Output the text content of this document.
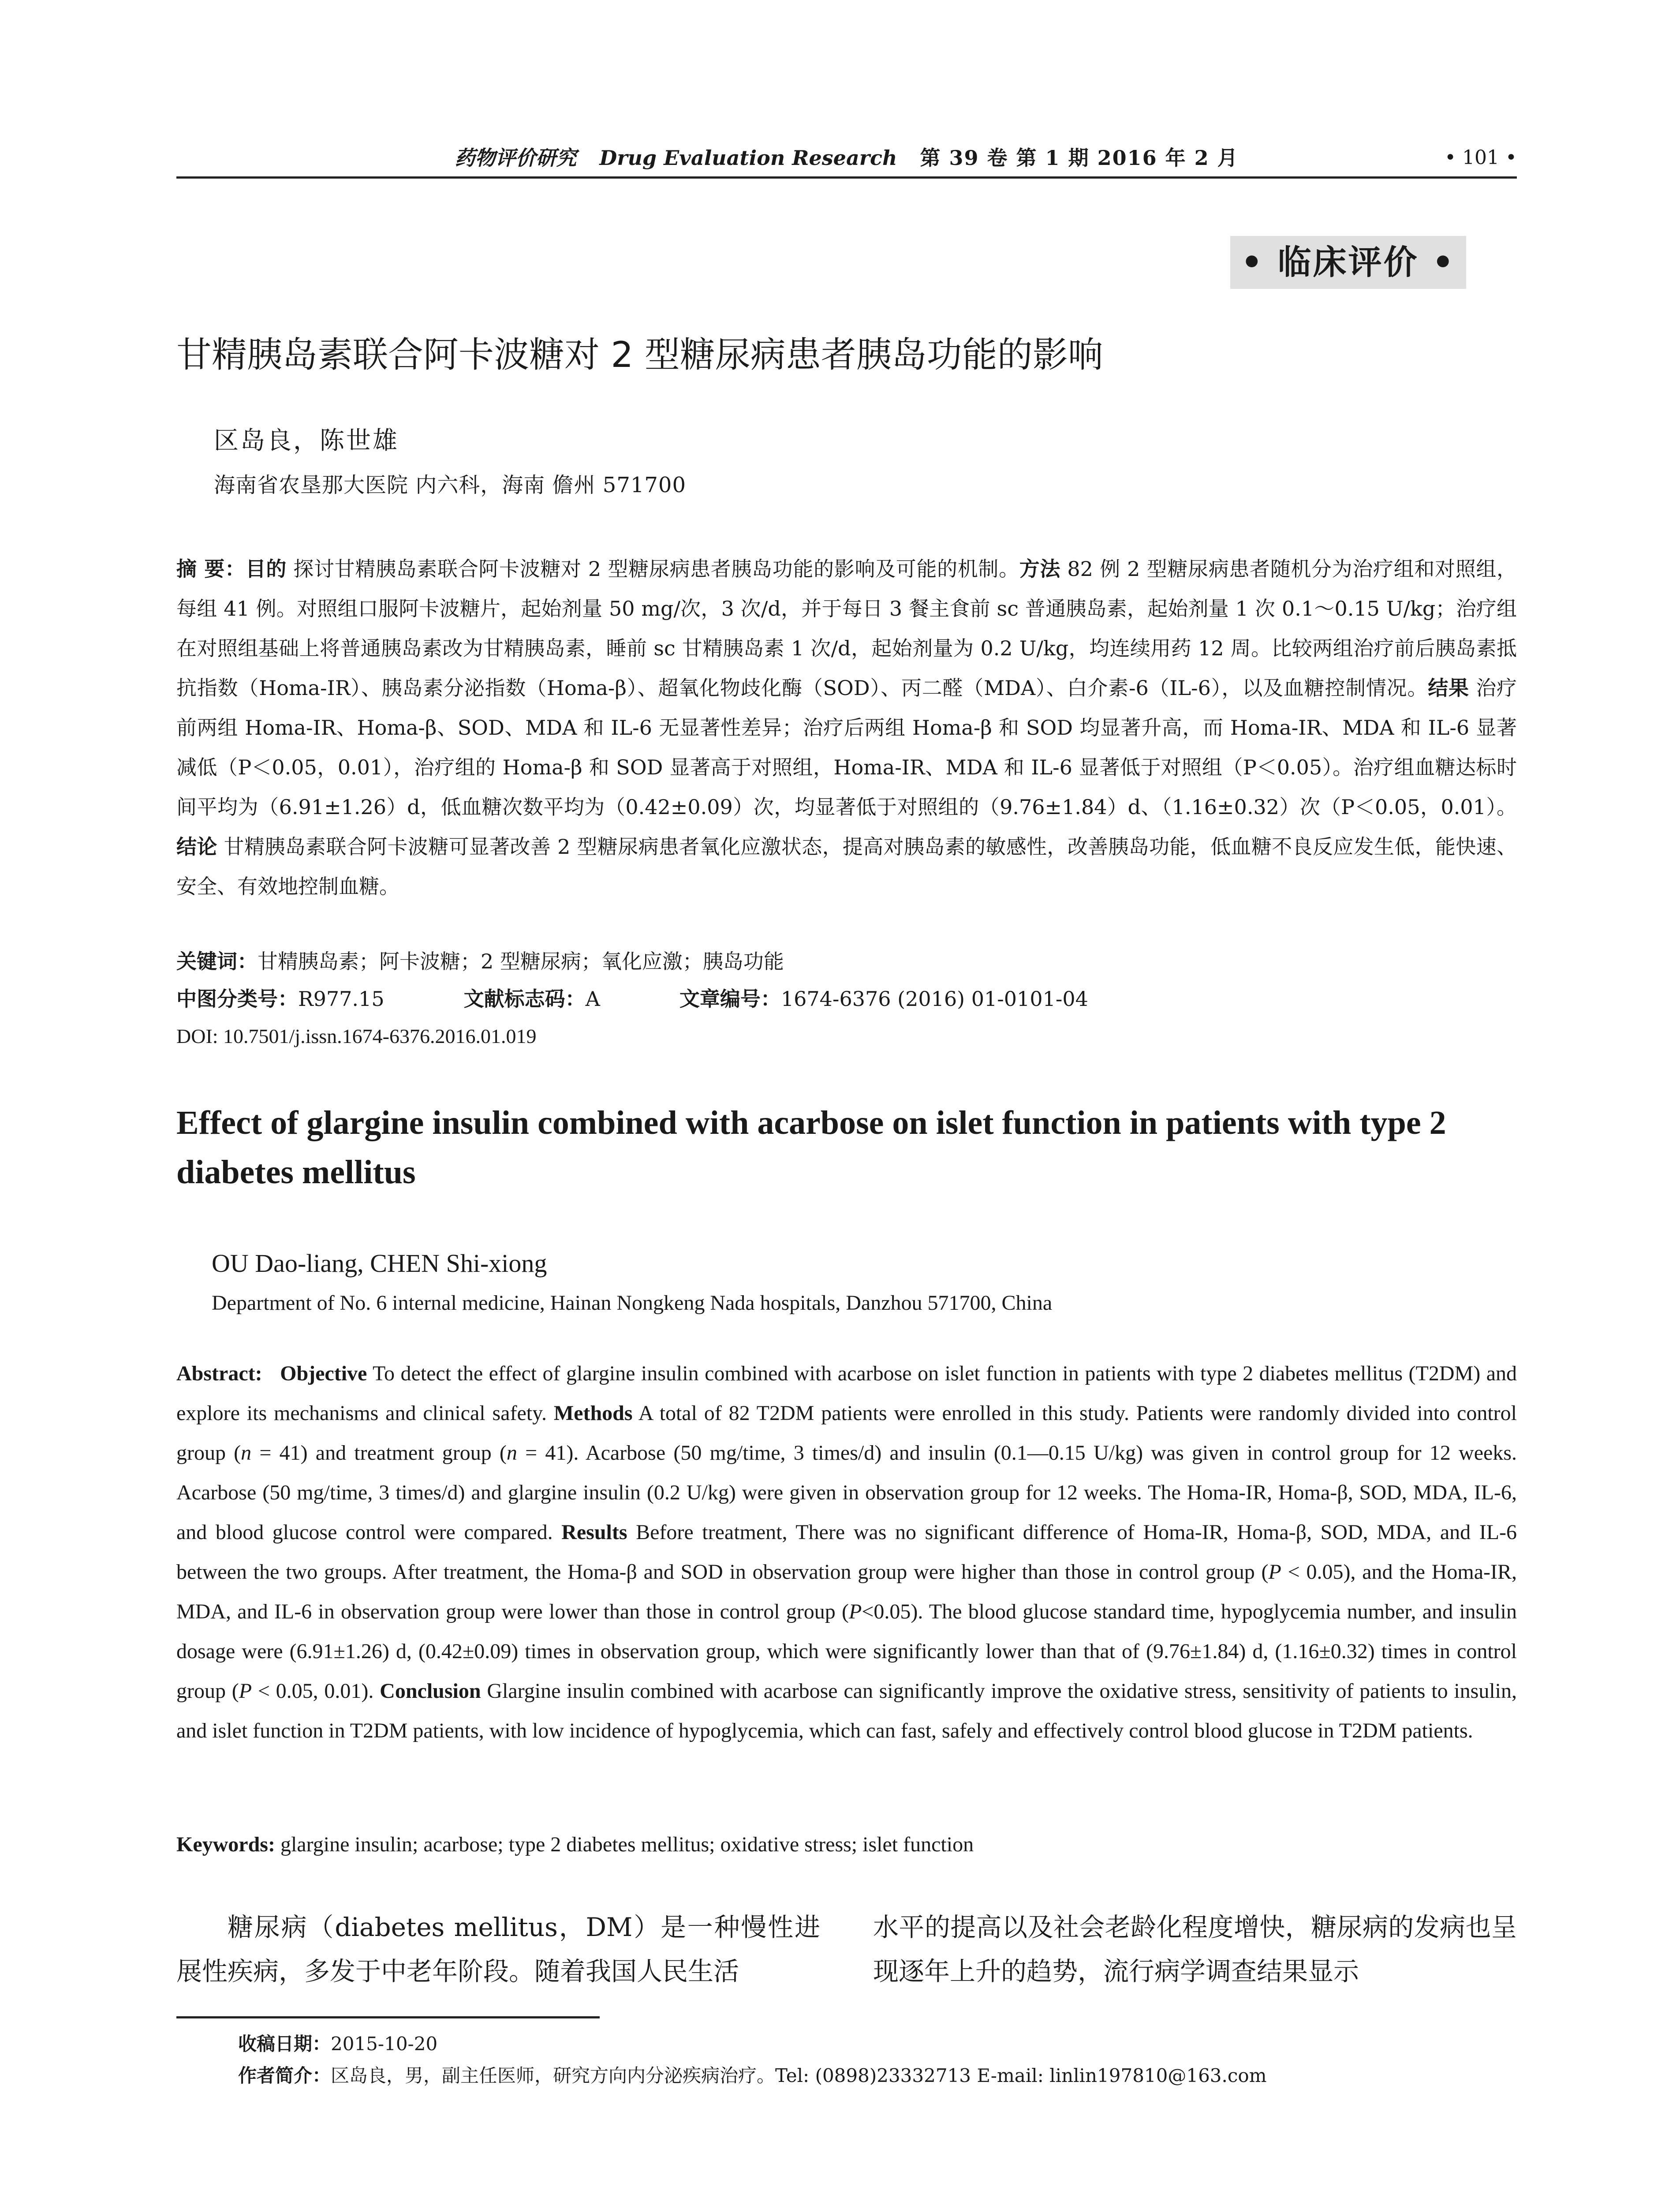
药物评价研究 Drug Evaluation Research 第 39 卷 第 1 期 2016 年 2 月	• 101 •
• 临床评价 •
甘精胰岛素联合阿卡波糖对 2 型糖尿病患者胰岛功能的影响
区岛良，陈世雄
海南省农垦那大医院 内六科，海南 儋州 571700
摘 要：目的 探讨甘精胰岛素联合阿卡波糖对 2 型糖尿病患者胰岛功能的影响及可能的机制。方法 82 例 2 型糖尿病患者随机分为治疗组和对照组，每组 41 例。对照组口服阿卡波糖片，起始剂量 50 mg/次，3 次/d，并于每日 3 餐主食前 sc 普通胰岛素，起始剂量 1 次 0.1～0.15 U/kg；治疗组在对照组基础上将普通胰岛素改为甘精胰岛素，睡前 sc 甘精胰岛素 1 次/d，起始剂量为 0.2 U/kg，均连续用药 12 周。比较两组治疗前后胰岛素抵抗指数（Homa-IR）、胰岛素分泌指数（Homa-β）、超氧化物歧化酶（SOD）、丙二醛（MDA）、白介素-6（IL-6），以及血糖控制情况。结果 治疗前两组 Homa-IR、Homa-β、SOD、MDA 和 IL-6 无显著性差异；治疗后两组 Homa-β 和 SOD 均显著升高，而 Homa-IR、MDA 和 IL-6 显著减低（P＜0.05，0.01），治疗组的 Homa-β 和 SOD 显著高于对照组，Homa-IR、MDA 和 IL-6 显著低于对照组（P＜0.05）。治疗组血糖达标时间平均为（6.91±1.26）d，低血糖次数平均为（0.42±0.09）次，均显著低于对照组的（9.76±1.84）d、（1.16±0.32）次（P＜0.05，0.01）。结论 甘精胰岛素联合阿卡波糖可显著改善 2 型糖尿病患者氧化应激状态，提高对胰岛素的敏感性，改善胰岛功能，低血糖不良反应发生低，能快速、安全、有效地控制血糖。
关键词：甘精胰岛素；阿卡波糖；2 型糖尿病；氧化应激；胰岛功能
中图分类号：R977.15	文献标志码：A	文章编号：1674-6376 (2016) 01-0101-04
DOI: 10.7501/j.issn.1674-6376.2016.01.019
Effect of glargine insulin combined with acarbose on islet function in patients with type 2 diabetes mellitus
OU Dao-liang, CHEN Shi-xiong
Department of No. 6 internal medicine, Hainan Nongkeng Nada hospitals, Danzhou 571700, China
Abstract: Objective To detect the effect of glargine insulin combined with acarbose on islet function in patients with type 2 diabetes mellitus (T2DM) and explore its mechanisms and clinical safety. Methods A total of 82 T2DM patients were enrolled in this study. Patients were randomly divided into control group (n = 41) and treatment group (n = 41). Acarbose (50 mg/time, 3 times/d) and insulin (0.1—0.15 U/kg) was given in control group for 12 weeks. Acarbose (50 mg/time, 3 times/d) and glargine insulin (0.2 U/kg) were given in observation group for 12 weeks. The Homa-IR, Homa-β, SOD, MDA, IL-6, and blood glucose control were compared. Results Before treatment, There was no significant difference of Homa-IR, Homa-β, SOD, MDA, and IL-6 between the two groups. After treatment, the Homa-β and SOD in observation group were higher than those in control group (P < 0.05), and the Homa-IR, MDA, and IL-6 in observation group were lower than those in control group (P<0.05). The blood glucose standard time, hypoglycemia number, and insulin dosage were (6.91±1.26) d, (0.42±0.09) times in observation group, which were significantly lower than that of (9.76±1.84) d, (1.16±0.32) times in control group (P < 0.05, 0.01). Conclusion Glargine insulin combined with acarbose can significantly improve the oxidative stress, sensitivity of patients to insulin, and islet function in T2DM patients, with low incidence of hypoglycemia, which can fast, safely and effectively control blood glucose in T2DM patients.
Keywords: glargine insulin; acarbose; type 2 diabetes mellitus; oxidative stress; islet function
糖尿病（diabetes mellitus，DM）是一种慢性进展性疾病，多发于中老年阶段。随着我国人民生活
水平的提高以及社会老龄化程度增快，糖尿病的发病也呈现逐年上升的趋势，流行病学调查结果显示
收稿日期：2015-10-20
作者简介：区岛良，男，副主任医师，研究方向内分泌疾病治疗。Tel: (0898)23332713 E-mail: linlin197810@163.com
